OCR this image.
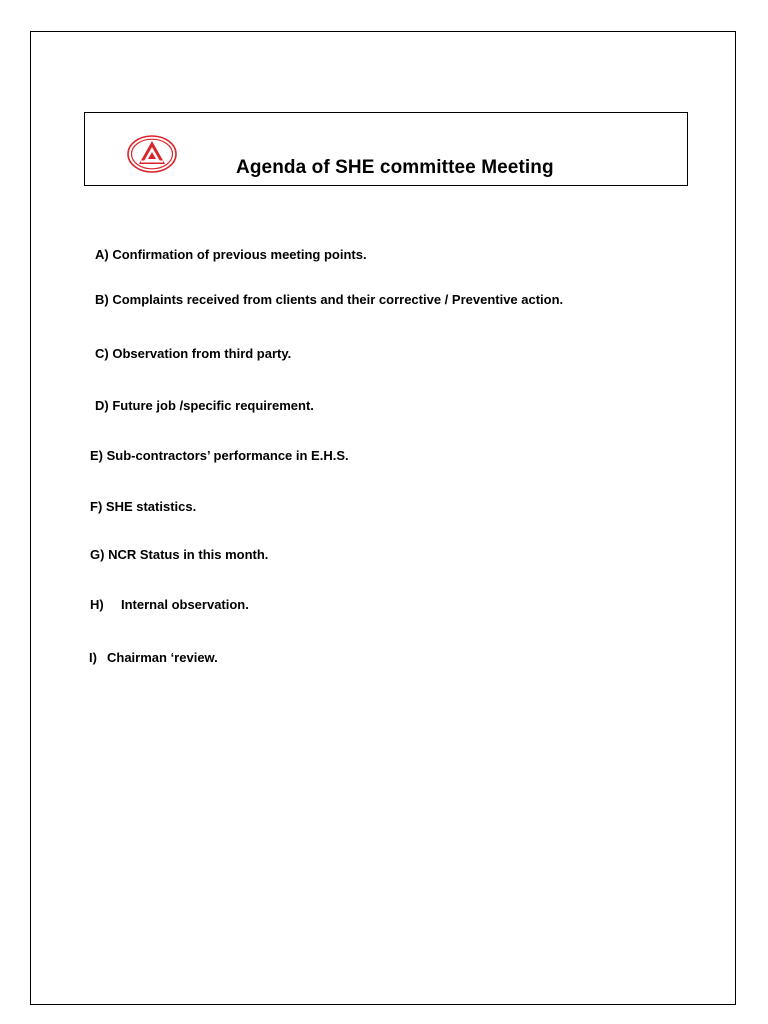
Agenda of SHE committee Meeting
A) Confirmation of previous meeting points.
B) Complaints received from clients and their corrective / Preventive action.
C) Observation from third party.
D) Future job /specific requirement.
E) Sub-contractors’ performance in E.H.S.
F) SHE statistics.
G) NCR Status in this month.
H) Internal observation.
I) Chairman ‘review.
